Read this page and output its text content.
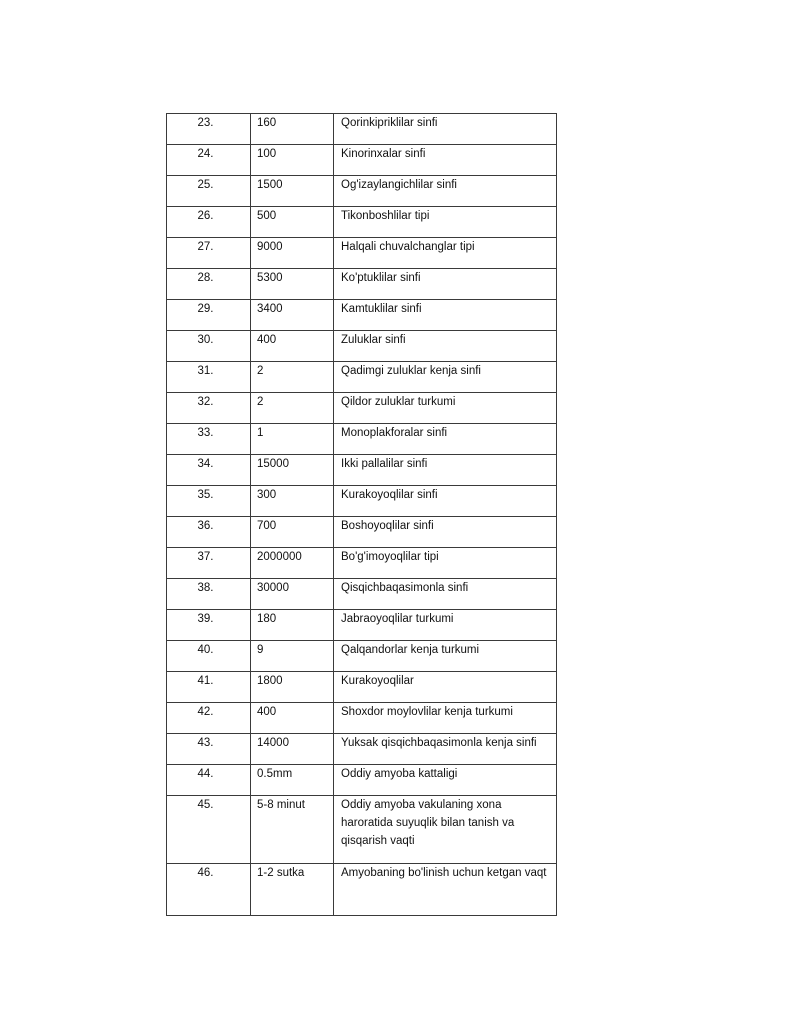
23.	160	Qorinkipriklilar sinfi
24.	100	Kinorinxalar sinfi
25.	1500	Og'izaylangichlilar sinfi
26.	500	Tikonboshlilar tipi
27.	9000	Halqali chuvalchanglar tipi
28.	5300	Ko'ptuklilar sinfi
29.	3400	Kamtuklilar sinfi
30.	400	Zuluklar sinfi
31.	2	Qadimgi zuluklar kenja sinfi
32.	2	Qildor zuluklar turkumi
33.	1	Monoplakforalar sinfi
34.	15000	Ikki pallalilar sinfi
35.	300	Kurakoyoqlilar sinfi
36.	700	Boshoyoqlilar sinfi
37.	2000000	Bo'g'imoyoqlilar tipi
38.	30000	Qisqichbaqasimonla sinfi
39.	180	Jabraoyoqlilar turkumi
40.	9	Qalqandorlar kenja turkumi
41.	1800	Kurakoyoqlilar
42.	400	Shoxdor moylovlilar kenja turkumi
43.	14000	Yuksak qisqichbaqasimonla kenja sinfi
44.	0.5mm	Oddiy amyoba kattaligi
45.	5-8 minut	Oddiy amyoba vakulaning xona haroratida suyuqlik bilan tanish va qisqarish vaqti
46.	1-2 sutka	Amyobaning bo'linish uchun ketgan vaqt
